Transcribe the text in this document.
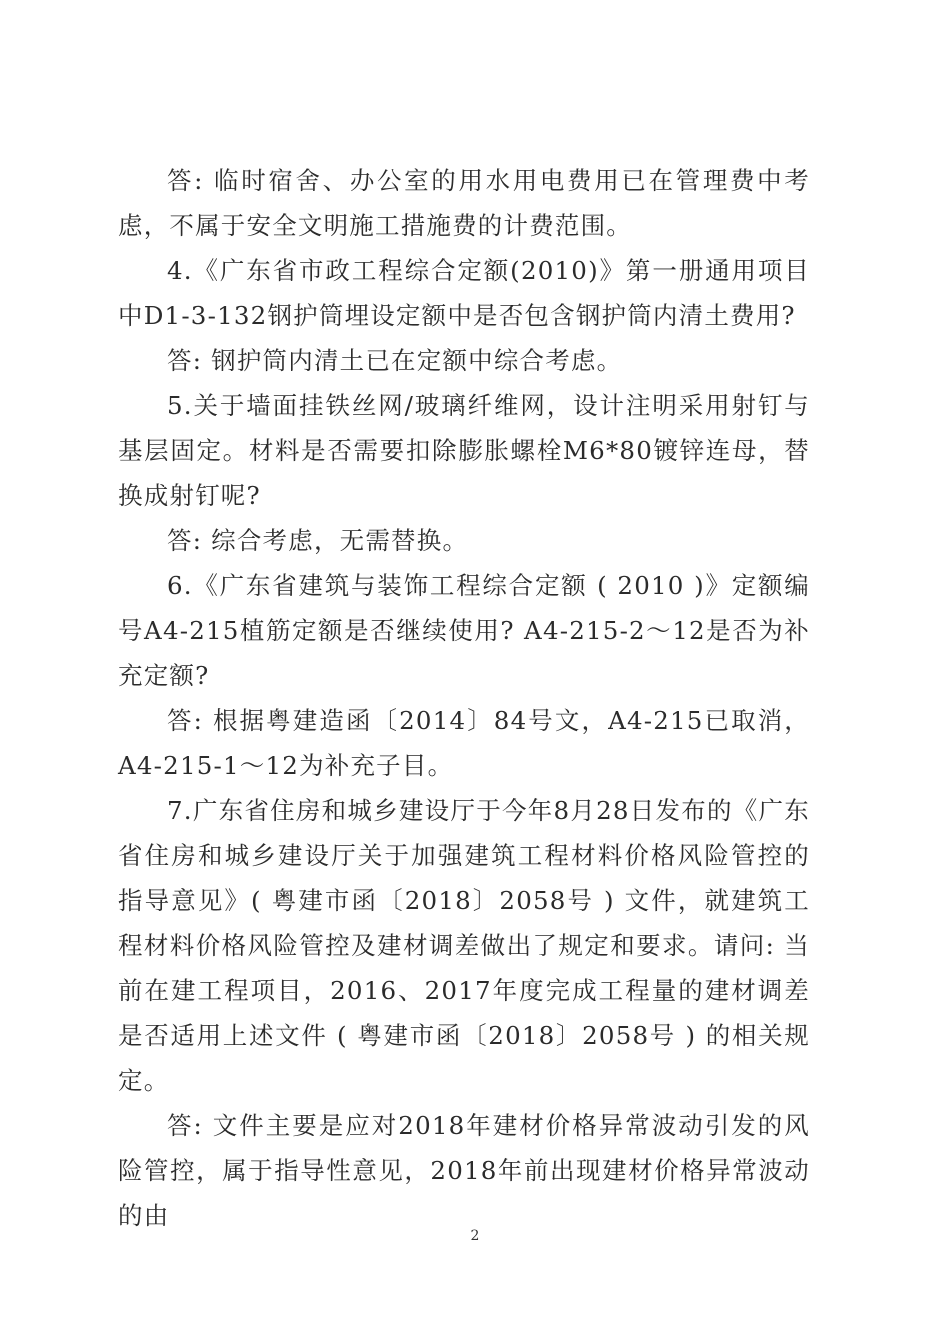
答: 临时宿舍、办公室的用水用电费用已在管理费中考虑，不属于安全文明施工措施费的计费范围。

4.《广东省市政工程综合定额(2010)》第一册通用项目中D1-3-132钢护筒埋设定额中是否包含钢护筒内清土费用?

答: 钢护筒内清土已在定额中综合考虑。

5.关于墙面挂铁丝网/玻璃纤维网，设计注明采用射钉与基层固定。材料是否需要扣除膨胀螺栓M6*80镀锌连母，替换成射钉呢?

答: 综合考虑，无需替换。

6.《广东省建筑与装饰工程综合定额 ( 2010 )》定额编号A4-215植筋定额是否继续使用? A4-215-2～12是否为补充定额?

答: 根据粤建造函〔2014〕84号文，A4-215已取消，A4-215-1～12为补充子目。

7.广东省住房和城乡建设厅于今年8月28日发布的《广东省住房和城乡建设厅关于加强建筑工程材料价格风险管控的指导意见》( 粤建市函〔2018〕2058号 ) 文件，就建筑工程材料价格风险管控及建材调差做出了规定和要求。请问: 当前在建工程项目，2016、2017年度完成工程量的建材调差是否适用上述文件 ( 粤建市函〔2018〕2058号 ) 的相关规定。

答: 文件主要是应对2018年建材价格异常波动引发的风险管控，属于指导性意见，2018年前出现建材价格异常波动的由

2
